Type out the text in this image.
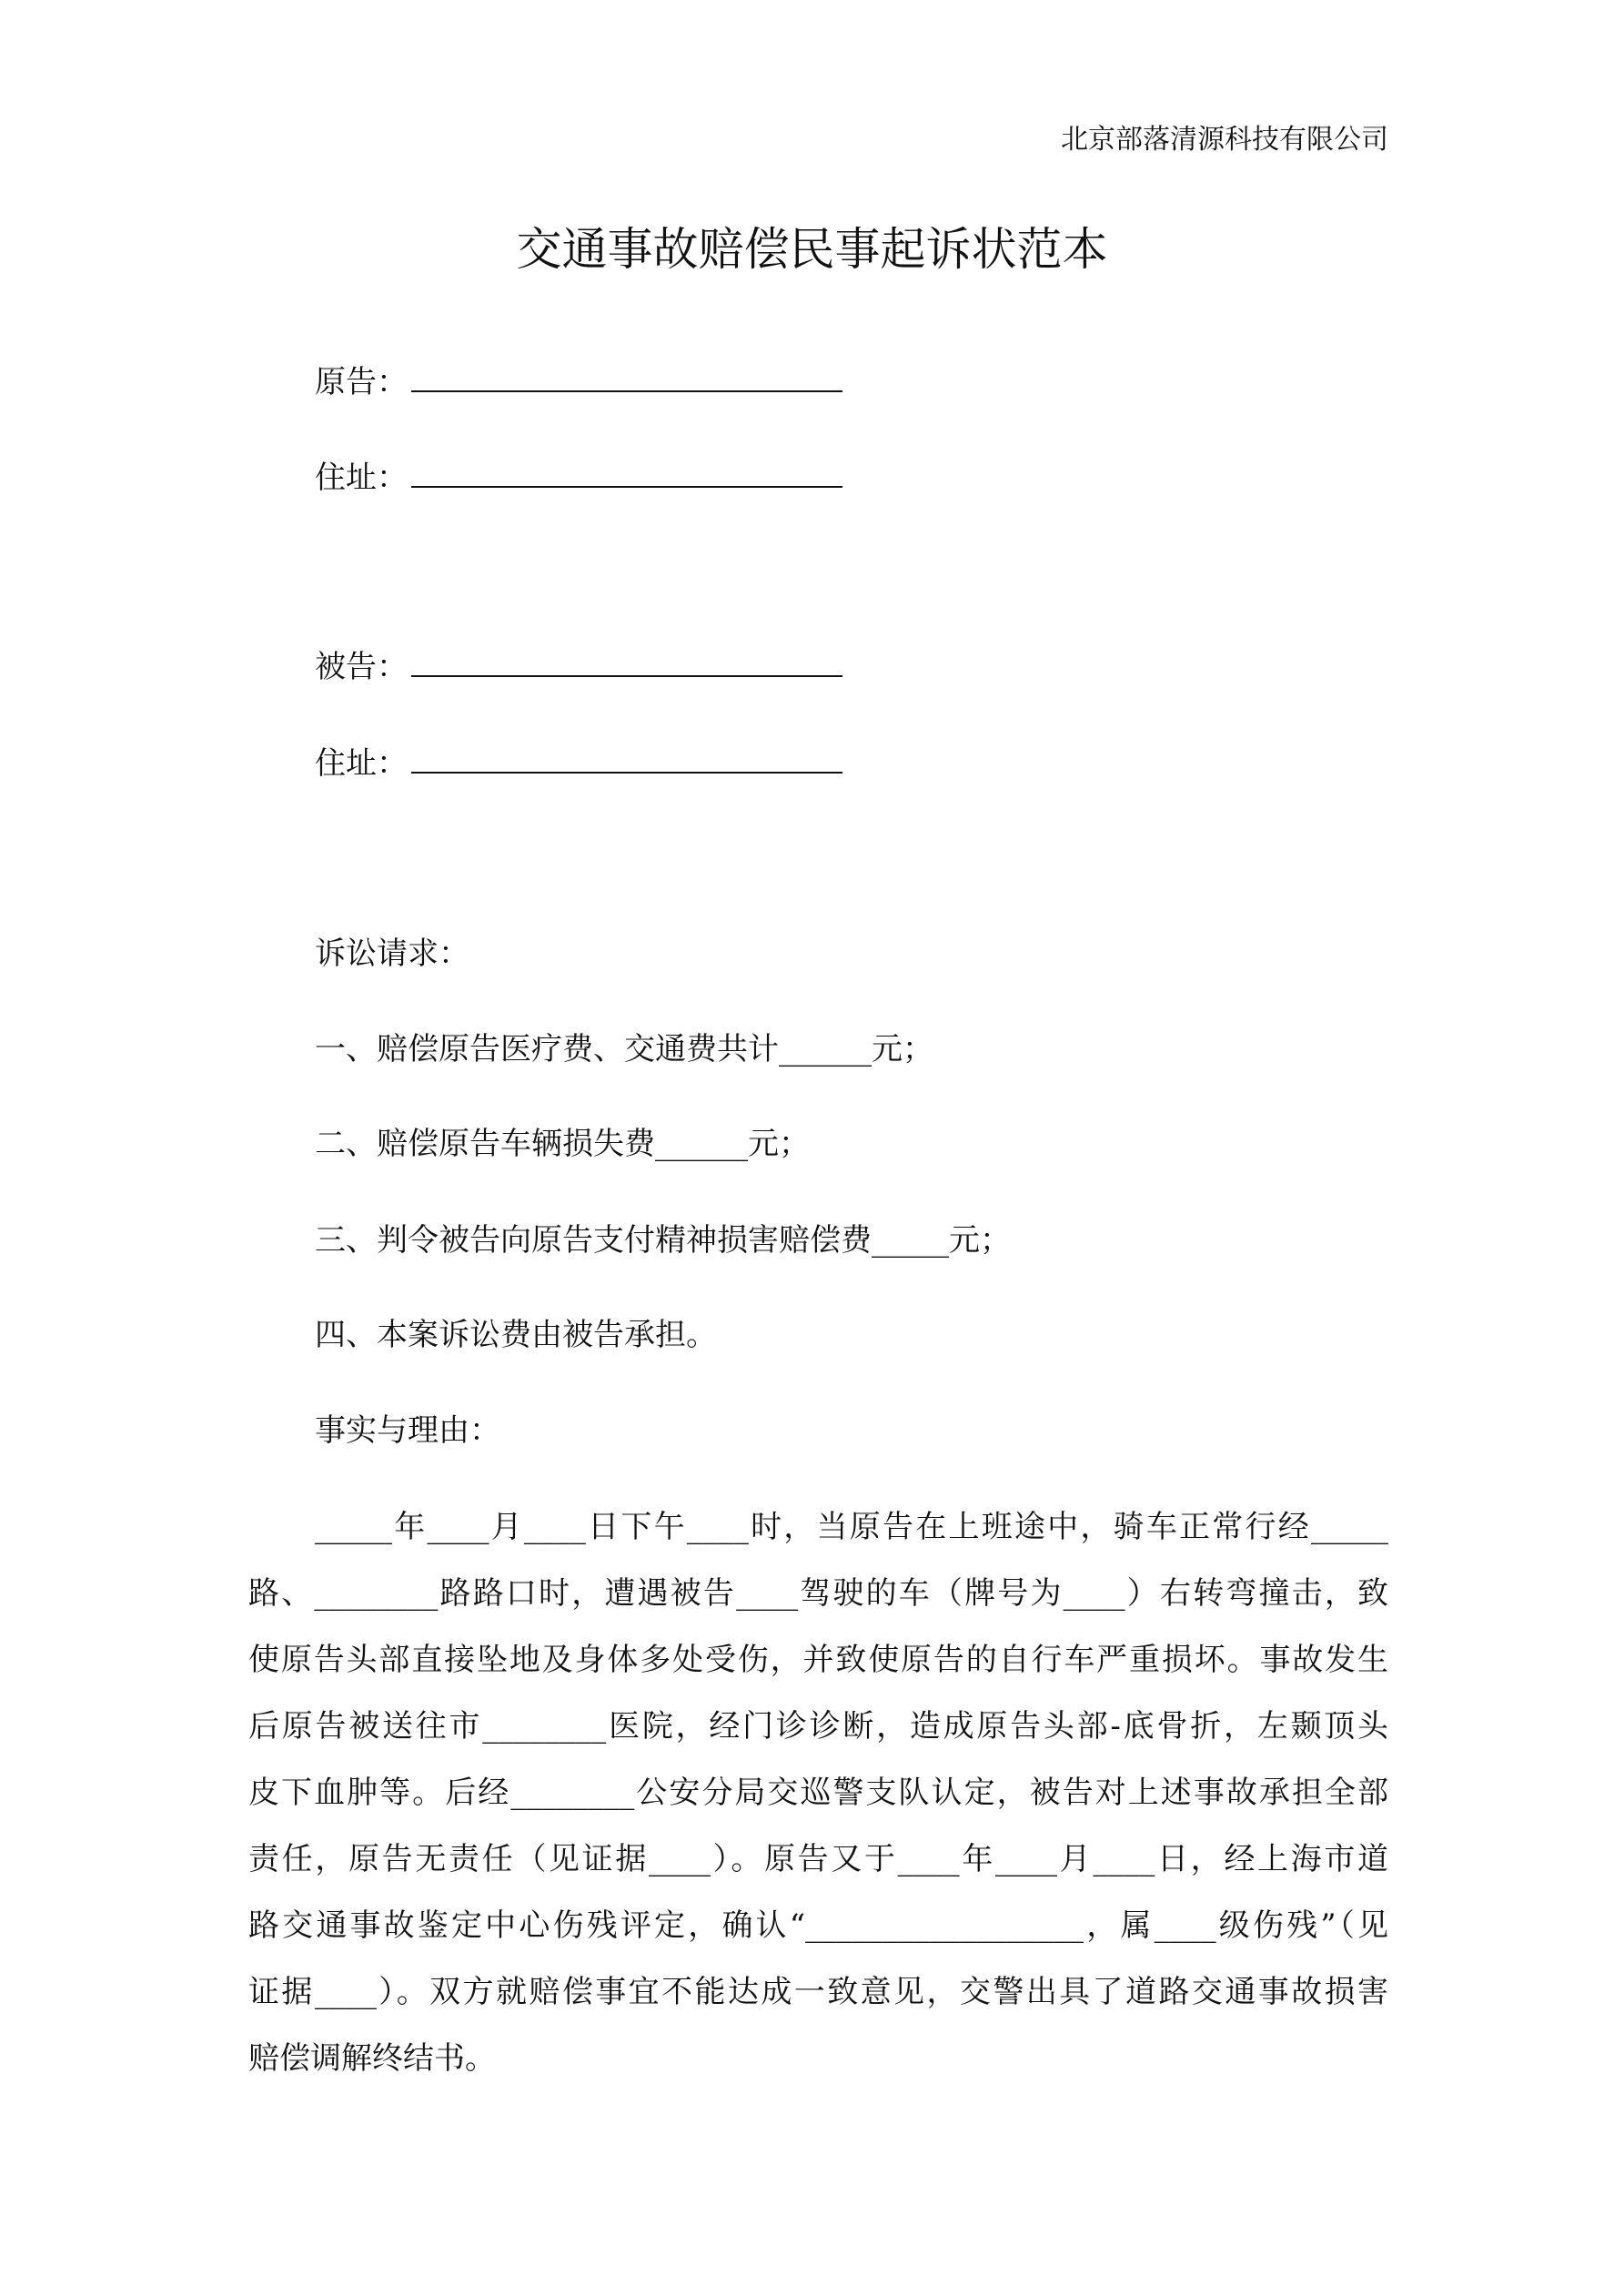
北京部落清源科技有限公司
交通事故赔偿民事起诉状范本
原告：
住址：
被告：
住址：
诉讼请求：
一、赔偿原告医疗费、交通费共计______元；
二、赔偿原告车辆损失费______元；
三、判令被告向原告支付精神损害赔偿费_____元；
四、本案诉讼费由被告承担。
事实与理由：
_____年____月____日下午____时，当原告在上班途中，骑车正常行经_____
路、________路路口时，遭遇被告____驾驶的车（牌号为____）右转弯撞击，致
使原告头部直接坠地及身体多处受伤，并致使原告的自行车严重损坏。事故发生
后原告被送往市________医院，经门诊诊断，造成原告头部-底骨折，左颞顶头
皮下血肿等。后经________公安分局交巡警支队认定，被告对上述事故承担全部
责任，原告无责任（见证据____）。原告又于____年____月____日，经上海市道
路交通事故鉴定中心伤残评定，确认“__________________，属____级伤残”（见
证据____）。双方就赔偿事宜不能达成一致意见，交警出具了道路交通事故损害
赔偿调解终结书。
